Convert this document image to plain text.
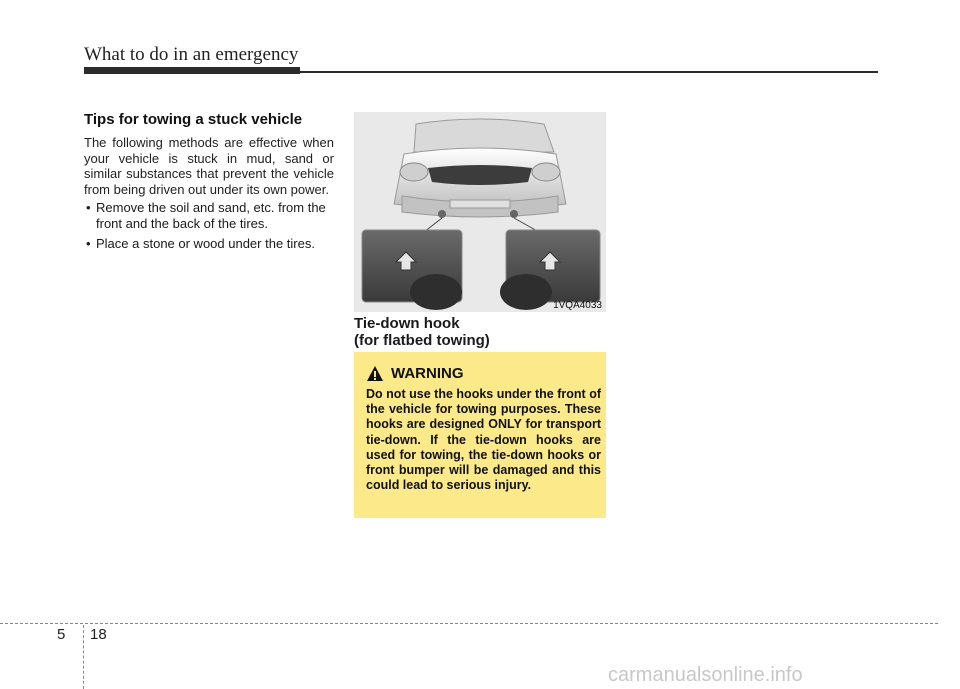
What to do in an emergency
Tips for towing a stuck vehicle

The following methods are effective when your vehicle is stuck in mud, sand or similar substances that prevent the vehicle from being driven out under its own power.

• Remove the soil and sand, etc. from the front and the back of the tires.
• Place a stone or wood under the tires.
1VQA4033
Tie-down hook
(for flatbed towing)
WARNING

Do not use the hooks under the front of the vehicle for towing purposes. These hooks are designed ONLY for transport tie-down. If the tie-down hooks are used for towing, the tie-down hooks or front bumper will be damaged and this could lead to serious injury.

5 18
carmanualsonline.info
